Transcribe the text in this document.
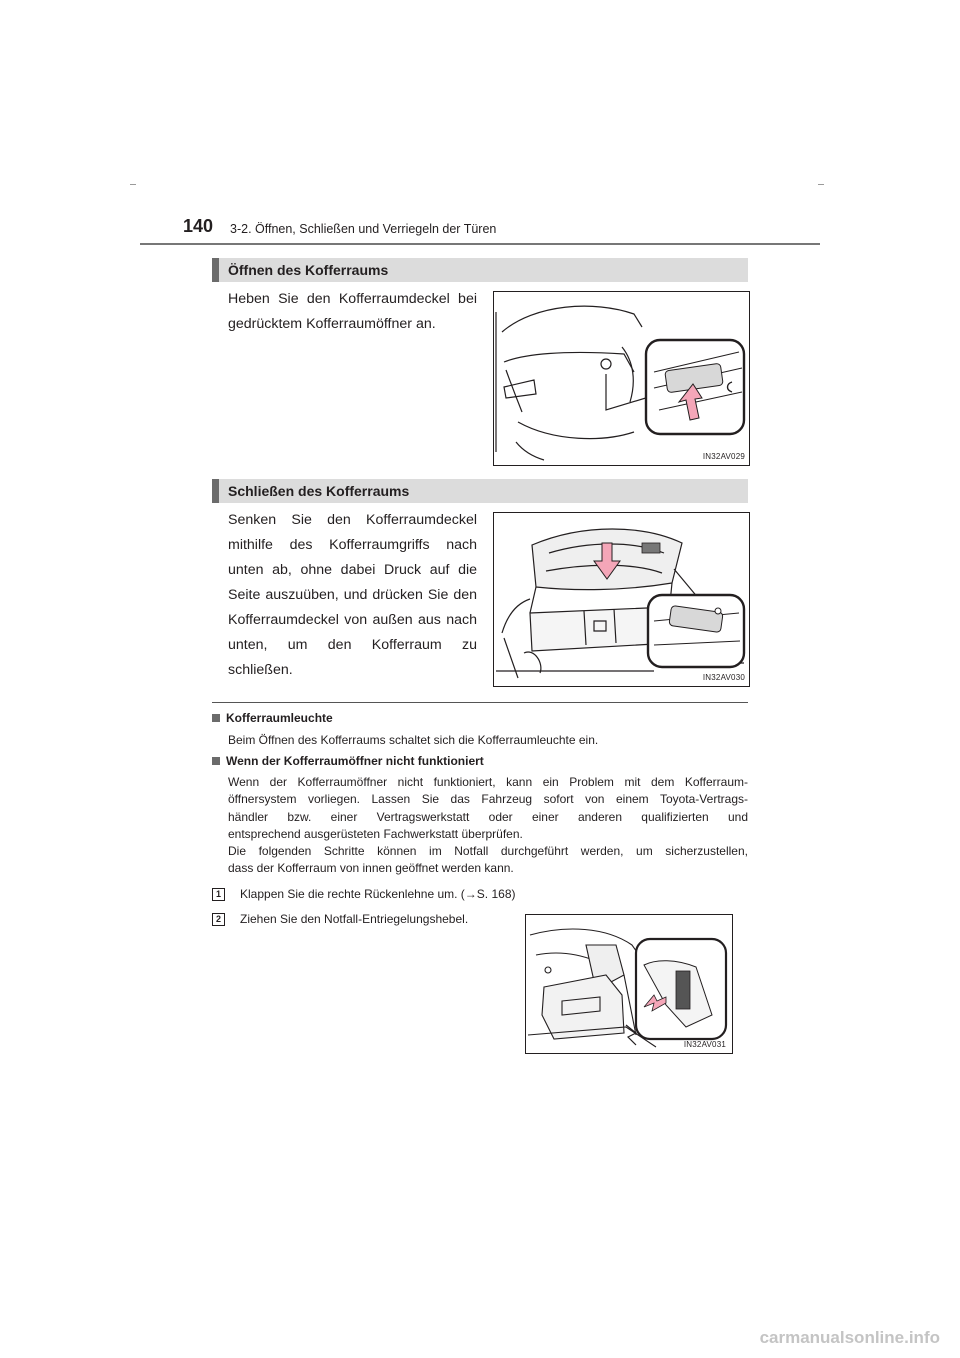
140 3-2. Öffnen, Schließen und Verriegeln der Türen
Öffnen des Kofferraums
Heben Sie den Kofferraumdeckel bei gedrücktem Kofferraumöffner an.
IN32AV029
Schließen des Kofferraums
Senken Sie den Kofferraumdeckel mithilfe des Kofferraumgriffs nach unten ab, ohne dabei Druck auf die Seite auszuüben, und drücken Sie den Kofferraumdeckel von außen aus nach unten, um den Kofferraum zu schließen.	IN32AV030
Kofferraumleuchte
Beim Öffnen des Kofferraums schaltet sich die Kofferraumleuchte ein.
Wenn der Kofferraumöffner nicht funktioniert
Wenn der Kofferraumöffner nicht funktioniert, kann ein Problem mit dem Kofferraum-
öffnersystem vorliegen. Lassen Sie das Fahrzeug sofort von einem Toyota-Vertrags-
händler bzw. einer Vertragswerkstatt oder einer anderen qualifizierten und
entsprechend ausgerüsteten Fachwerkstatt überprüfen.
Die folgenden Schritte können im Notfall durchgeführt werden, um sicherzustellen,
dass der Kofferraum von innen geöffnet werden kann.
1	Klappen Sie die rechte Rückenlehne um. (→S. 168)
2	Ziehen Sie den Notfall-Entriegelungshebel.
IN32AV031
carmanualsonline.info
